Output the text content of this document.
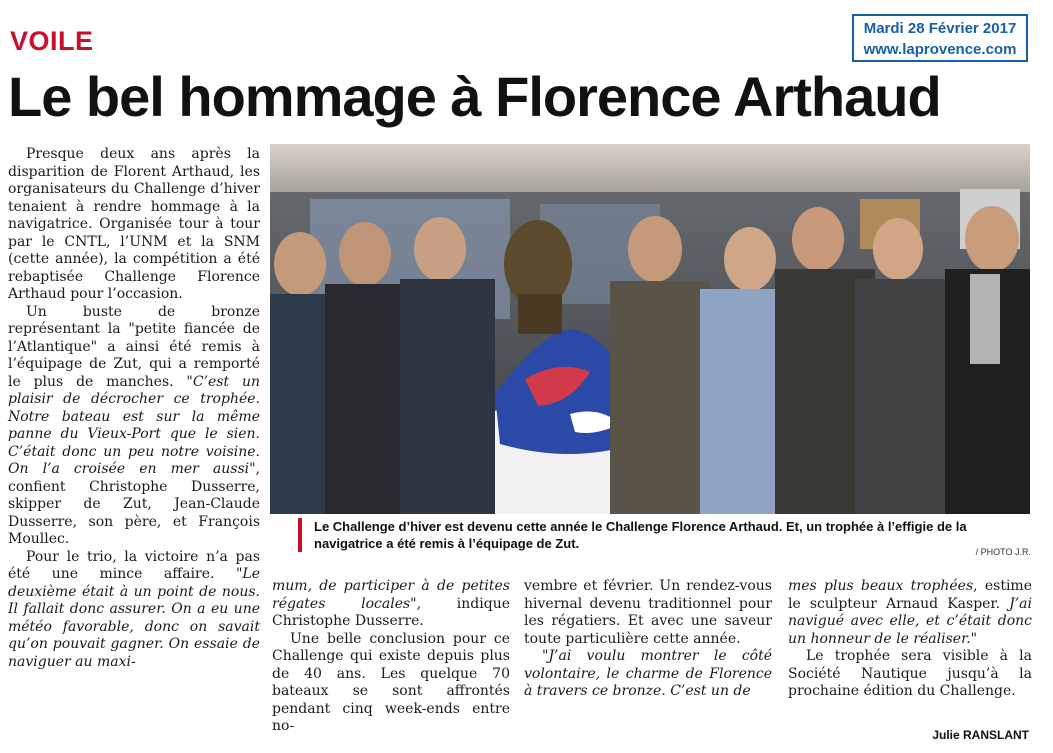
VOILE	Mardi 28 Février 2017
www.laprovence.com
Le bel hommage à Florence Arthaud

Presque deux ans après la disparition de Florent Arthaud, les organisateurs du Challenge d’hiver tenaient à rendre hommage à la navigatrice. Organisée tour à tour par le CNTL, l’UNM et la SNM (cette année), la compétition a été rebaptisée Challenge Florence Arthaud pour l’occasion.

Un buste de bronze représentant la "petite fiancée de l’Atlantique" a ainsi été remis à l’équipage de Zut, qui a remporté le plus de manches. "C’est un plaisir de décrocher ce trophée. Notre bateau est sur la même panne du Vieux-Port que le sien. C’était donc un peu notre voisine. On l’a croisée en mer aussi", confient Christophe Dusserre, skipper de Zut, Jean-Claude Dusserre, son père, et François Moullec.

Pour le trio, la victoire n’a pas été une mince affaire. "Le deuxième était à un point de nous. Il fallait donc assurer. On a eu une météo favorable, donc on savait qu’on pouvait gagner. On essaie de naviguer au maxi-

Le Challenge d’hiver est devenu cette année le Challenge Florence Arthaud. Et, un trophée à l’effigie de la navigatrice a été remis à l’équipage de Zut.
/ PHOTO J.R.

mum, de participer à de petites régates locales", indique Christophe Dusserre.

Une belle conclusion pour ce Challenge qui existe depuis plus de 40 ans. Les quelque 70 bateaux se sont affrontés pendant cinq week-ends entre no-

vembre et février. Un rendez-vous hivernal devenu traditionnel pour les régatiers. Et avec une saveur toute particulière cette année.

"J’ai voulu montrer le côté volontaire, le charme de Florence à travers ce bronze. C’est un de

mes plus beaux trophées, estime le sculpteur Arnaud Kasper. J’ai navigué avec elle, et c’était donc un honneur de le réaliser."

Le trophée sera visible à la Société Nautique jusqu’à la prochaine édition du Challenge.

Julie RANSLANT
